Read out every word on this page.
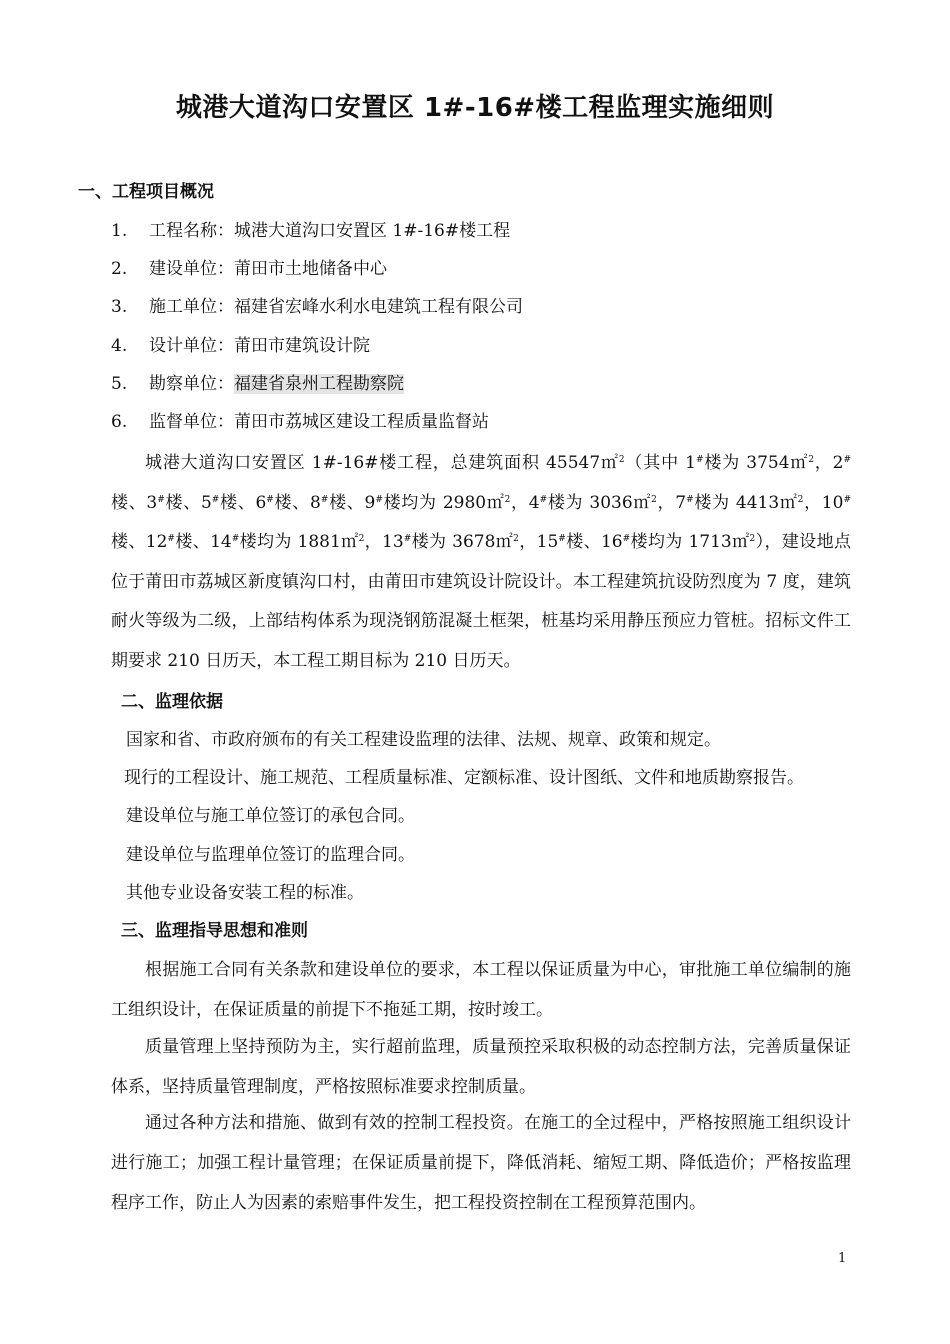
城港大道沟口安置区 1#-16#楼工程监理实施细则
一、工程项目概况
1. 工程名称：城港大道沟口安置区 1#-16#楼工程
2. 建设单位：莆田市土地储备中心
3. 施工单位：福建省宏峰水利水电建筑工程有限公司
4. 设计单位：莆田市建筑设计院
5. 勘察单位：福建省泉州工程勘察院
6. 监督单位：莆田市荔城区建设工程质量监督站
城港大道沟口安置区 1#-16#楼工程，总建筑面积 45547㎡$^2$（其中 1#楼为 3754㎡$^2$，2#楼、3#楼、5#楼、6#楼、8#楼、9#楼均为 2980㎡$^2$，4#楼为 3036㎡$^2$，7#楼为 4413㎡$^2$，10#楼、12#楼、14#楼均为 1881㎡$^2$，13#楼为 3678㎡$^2$，15#楼、16#楼均为 1713㎡$^2$），建设地点位于莆田市荔城区新度镇沟口村，由莆田市建筑设计院设计。本工程建筑抗设防烈度为 7 度，建筑耐火等级为二级，上部结构体系为现浇钢筋混凝土框架，桩基均采用静压预应力管桩。招标文件工期要求 210 日历天，本工程工期目标为 210 日历天。
二、监理依据
国家和省、市政府颁布的有关工程建设监理的法律、法规、规章、政策和规定。
现行的工程设计、施工规范、工程质量标准、定额标准、设计图纸、文件和地质勘察报告。
建设单位与施工单位签订的承包合同。
建设单位与监理单位签订的监理合同。
其他专业设备安装工程的标准。
三、监理指导思想和准则
根据施工合同有关条款和建设单位的要求，本工程以保证质量为中心，审批施工单位编制的施工组织设计，在保证质量的前提下不拖延工期，按时竣工。
质量管理上坚持预防为主，实行超前监理，质量预控采取积极的动态控制方法，完善质量保证体系，坚持质量管理制度，严格按照标准要求控制质量。
通过各种方法和措施、做到有效的控制工程投资。在施工的全过程中，严格按照施工组织设计进行施工；加强工程计量管理；在保证质量前提下，降低消耗、缩短工期、降低造价；严格按监理程序工作，防止人为因素的索赔事件发生，把工程投资控制在工程预算范围内。
1
